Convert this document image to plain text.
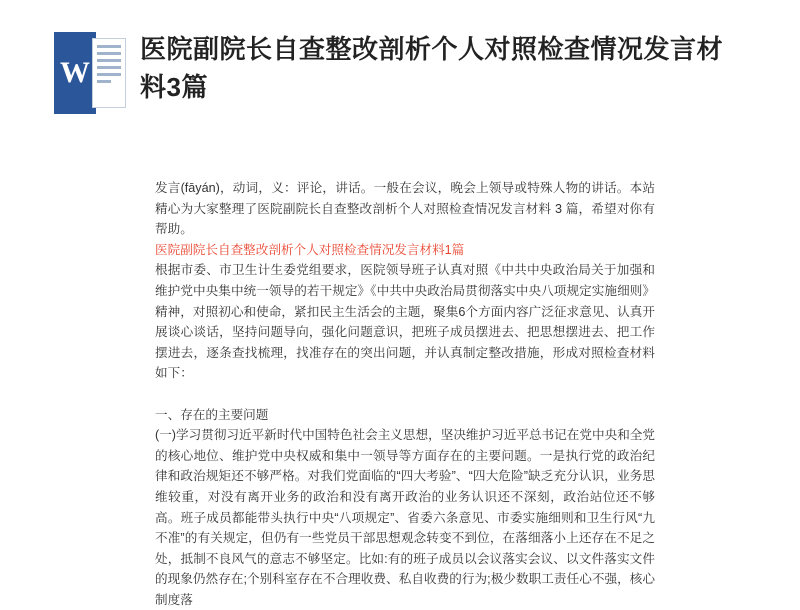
W
医院副院长自查整改剖析个人对照检查情况发言材料3篇

发言(fāyán)，动词，义：评论，讲话。一般在会议，晚会上领导或特殊人物的讲话。本站精心为大家整理了医院副院长自查整改剖析个人对照检查情况发言材料 3 篇，希望对你有帮助。

医院副院长自查整改剖析个人对照检查情况发言材料1篇

根据市委、市卫生计生委党组要求，医院领导班子认真对照《中共中央政治局关于加强和维护党中央集中统一领导的若干规定》《中共中央政治局贯彻落实中央八项规定实施细则》精神，对照初心和使命，紧扣民主生活会的主题，聚集6个方面内容广泛征求意见、认真开展谈心谈话，坚持问题导向，强化问题意识，把班子成员摆进去、把思想摆进去、把工作摆进去，逐条查找梳理，找准存在的突出问题，并认真制定整改措施，形成对照检查材料如下：

一、存在的主要问题

(一)学习贯彻习近平新时代中国特色社会主义思想，坚决维护习近平总书记在党中央和全党的核心地位、维护党中央权威和集中一领导等方面存在的主要问题。一是执行党的政治纪律和政治规矩还不够严格。对我们党面临的“四大考验”、“四大危险”缺乏充分认识，业务思维较重，对没有离开业务的政治和没有离开政治的业务认识还不深刻，政治站位还不够高。班子成员都能带头执行中央“八项规定”、省委六条意见、市委实施细则和卫生行风“九不准”的有关规定，但仍有一些党员干部思想观念转变不到位，在落细落小上还存在不足之处，抵制不良风气的意志不够坚定。比如:有的班子成员以会议落实会议、以文件落实文件的现象仍然存在;个别科室存在不合理收费、私自收费的行为;极少数职工责任心不强，核心制度落
